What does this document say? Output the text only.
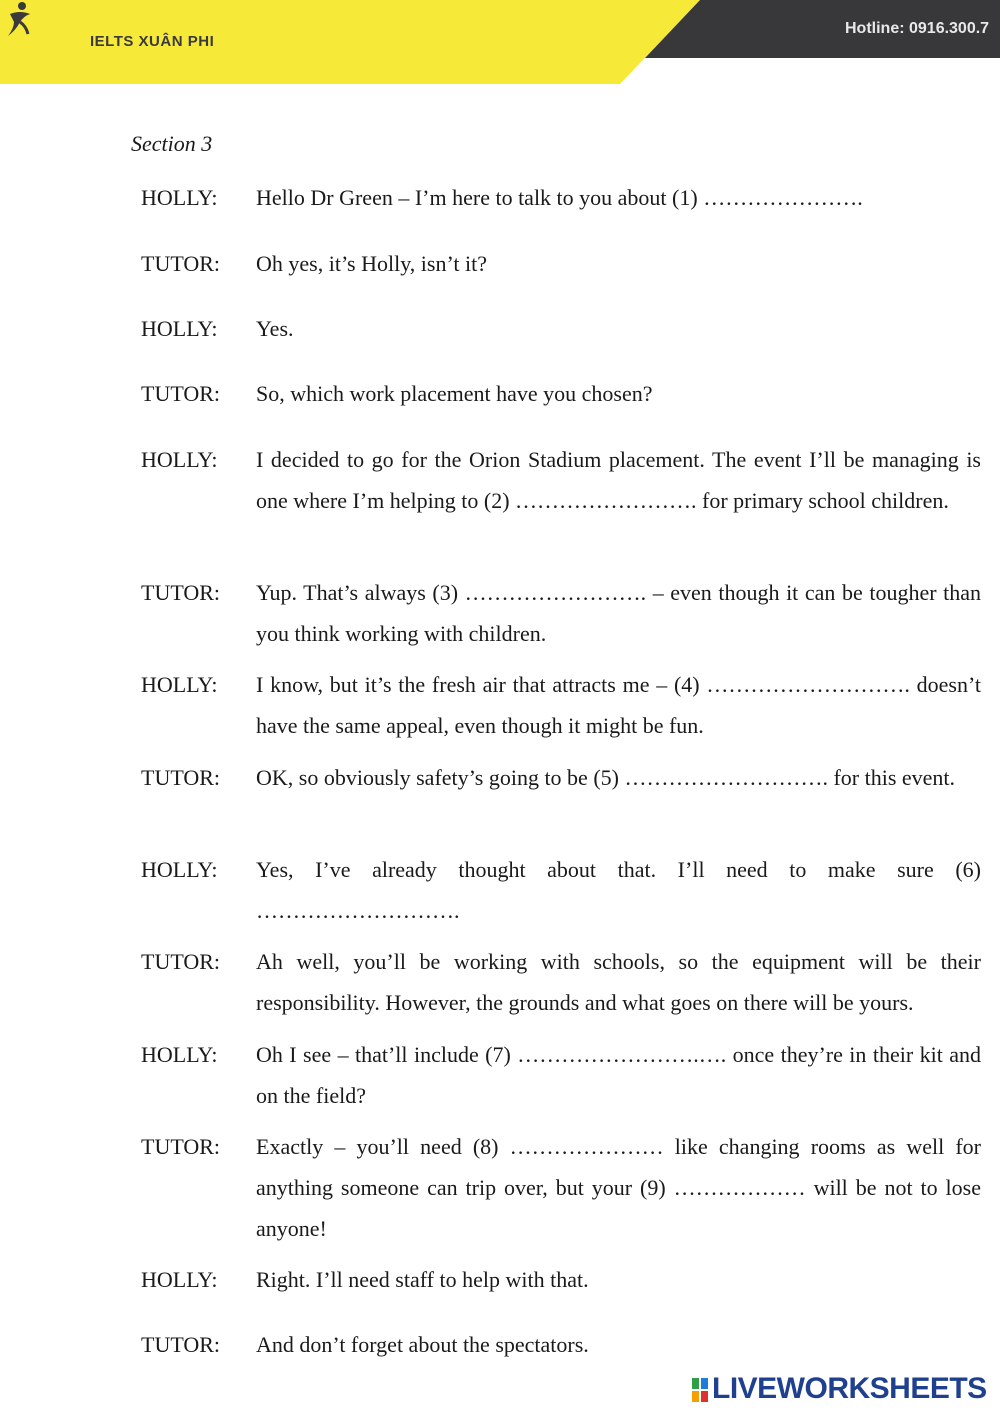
IELTS XUÂN PHI
Hotline: 0916.300.7
Section 3
HOLLY: Hello Dr Green – I’m here to talk to you about (1) ………………….
TUTOR: Oh yes, it’s Holly, isn’t it?
HOLLY: Yes.
TUTOR: So, which work placement have you chosen?
HOLLY: I decided to go for the Orion Stadium placement. The event I’ll be managing is one where I’m helping to (2) ……………………. for primary school children.
TUTOR: Yup. That’s always (3) ……………………. – even though it can be tougher than you think working with children.
HOLLY: I know, but it’s the fresh air that attracts me – (4) ………………………. doesn’t have the same appeal, even though it might be fun.
TUTOR: OK, so obviously safety’s going to be (5) ………………………. for this event.
HOLLY: Yes, I’ve already thought about that. I’ll need to make sure (6) ……………………….
TUTOR: Ah well, you’ll be working with schools, so the equipment will be their responsibility. However, the grounds and what goes on there will be yours.
HOLLY: Oh I see – that’ll include (7) …………………….…. once they’re in their kit and on the field?
TUTOR: Exactly – you’ll need (8) ………………… like changing rooms as well for anything someone can trip over, but your (9) ……………… will be not to lose anyone!
HOLLY: Right. I’ll need staff to help with that.
TUTOR: And don’t forget about the spectators.
LIVEWORKSHEETS
